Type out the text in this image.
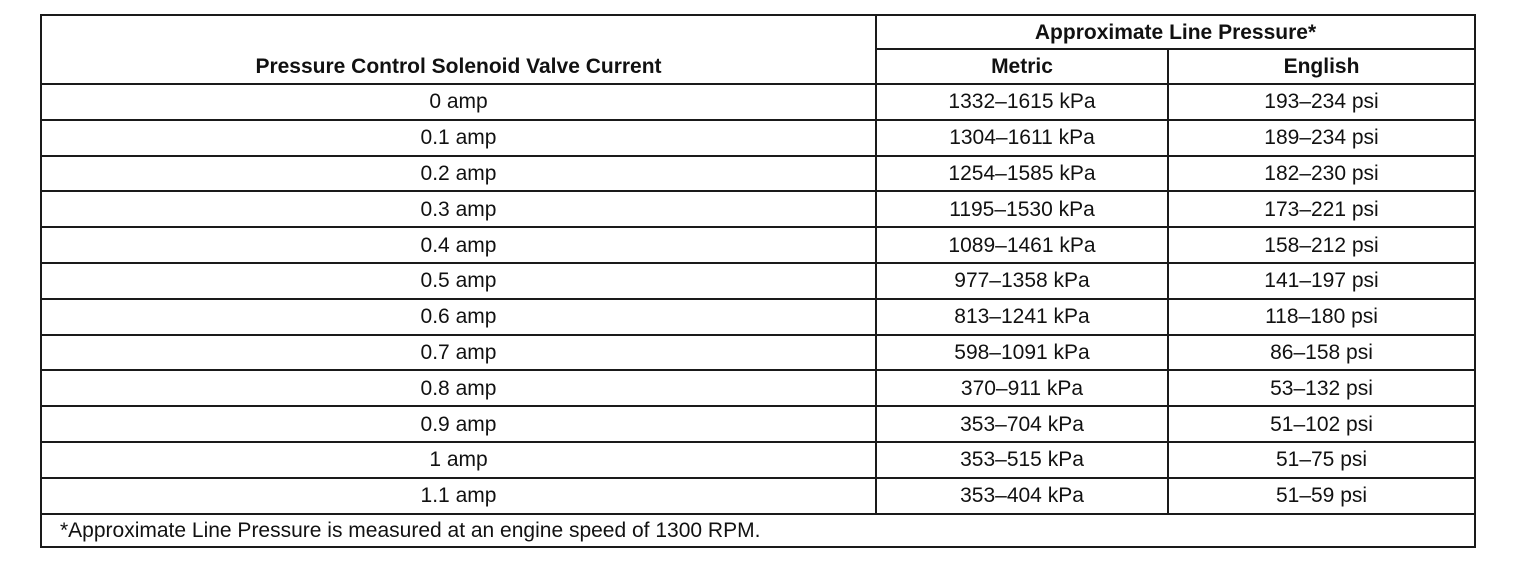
Pressure Control Solenoid Valve Current	Approximate Line Pressure*	
	Metric	English
0 amp	1332–1615 kPa	193–234 psi
0.1 amp	1304–1611 kPa	189–234 psi
0.2 amp	1254–1585 kPa	182–230 psi
0.3 amp	1195–1530 kPa	173–221 psi
0.4 amp	1089–1461 kPa	158–212 psi
0.5 amp	977–1358 kPa	141–197 psi
0.6 amp	813–1241 kPa	118–180 psi
0.7 amp	598–1091 kPa	86–158 psi
0.8 amp	370–911 kPa	53–132 psi
0.9 amp	353–704 kPa	51–102 psi
1 amp	353–515 kPa	51–75 psi
1.1 amp	353–404 kPa	51–59 psi
*Approximate Line Pressure is measured at an engine speed of 1300 RPM.		
